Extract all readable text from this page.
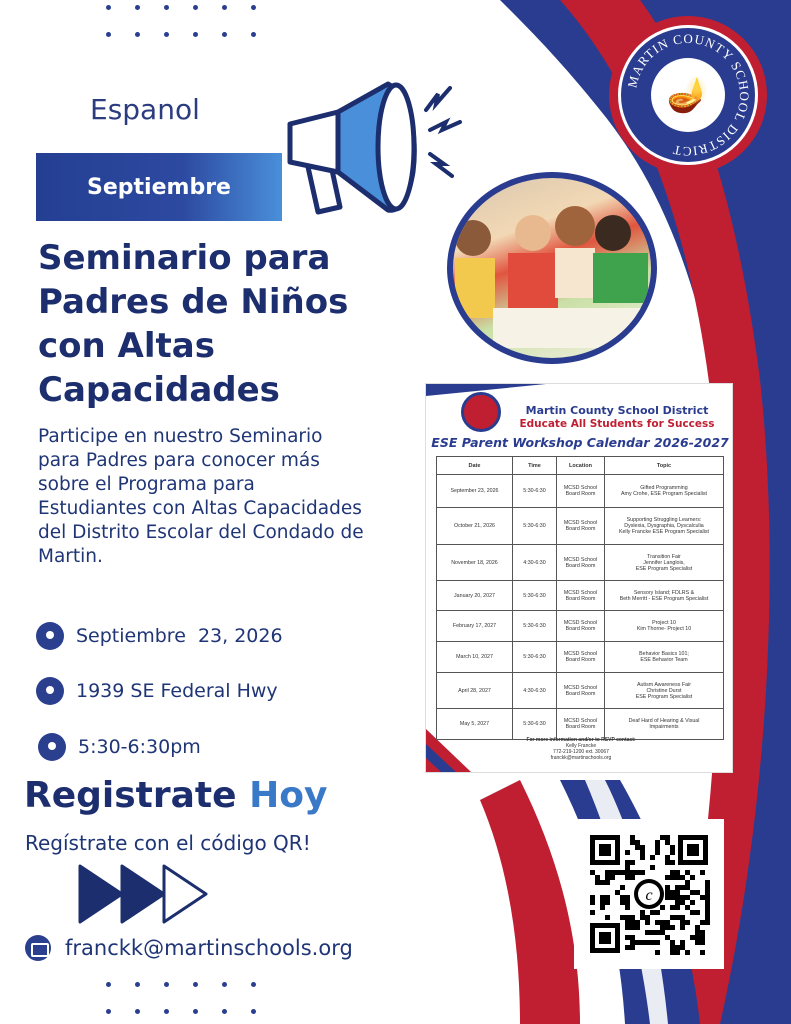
Espanol
Septiembre
MARTIN COUNTY SCHOOL DISTRICT
🪔
Seminario para Padres de Niños con Altas Capacidades
Participe en nuestro Seminario para Padres para conocer más sobre el Programa para Estudiantes con Altas Capacidades del Distrito Escolar del Condado de Martin.
Septiembre  23, 2026
1939 SE Federal Hwy
5:30-6:30pm
Registrate Hoy
Regístrate con el código QR!
franckk@martinschools.org
Martin County School District
Educate All Students for Success
ESE Parent Workshop Calendar 2026-2027
Date	Time	Location	Topic
September 23, 2026	5:30-6:30	MCSD School Board Room	Gifted Programming
Amy Crohe, ESE Program Specialist
October 21, 2026	5:30-6:30	MCSD School Board Room	Supporting Struggling Learners:
Dyslexia, Dysgraphia, Dyscalculia
Kelly Francke ESE Program Specialist
November 18, 2026	4:30-6:30	MCSD School Board Room	Transition Fair
Jennifer Langlois,
ESE Program Specialist
January 20, 2027	5:30-6:30	MCSD School Board Room	Sensory Island; FDLRS &
Beth Merritt - ESE Program Specialist
February 17, 2027	5:30-6:30	MCSD School Board Room	Project 10
Kim Thorne- Project 10
March 10, 2027	5:30-6:30	MCSD School Board Room	Behavior Basics 101;
ESE Behavior Team
April 28, 2027	4:30-6:30	MCSD School Board Room	Autism Awareness Fair
Christine Durst
ESE Program Specialist
May 5, 2027	5:30-6:30	MCSD School Board Room	Deaf Hard of Hearing & Visual
Impairments
For more information and/or to RSVP contact:
Kelly Francke
772-219-1200 ext. 30067
franckk@martinschools.org
c
